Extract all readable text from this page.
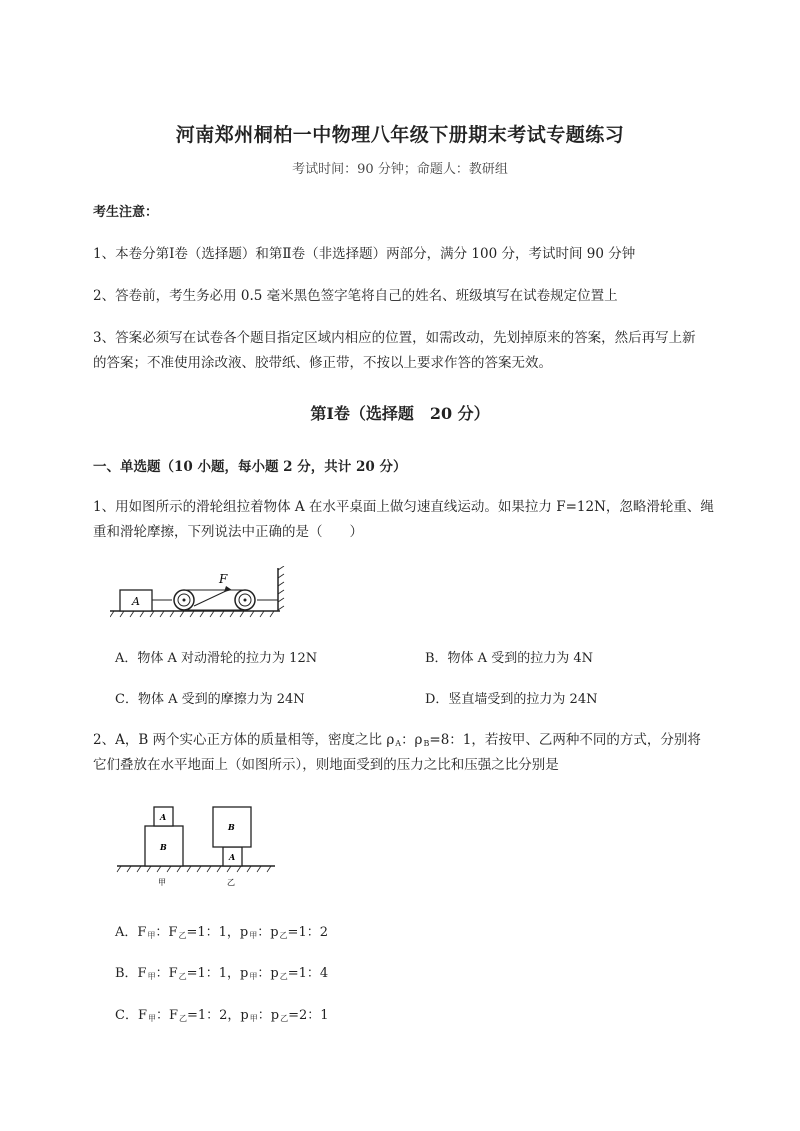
河南郑州桐柏一中物理八年级下册期末考试专题练习
考试时间：90 分钟；命题人：教研组
考生注意：
1、本卷分第Ⅰ卷（选择题）和第Ⅱ卷（非选择题）两部分，满分 100 分，考试时间 90 分钟
2、答卷前，考生务必用 0.5 毫米黑色签字笔将自己的姓名、班级填写在试卷规定位置上
3、答案必须写在试卷各个题目指定区域内相应的位置，如需改动，先划掉原来的答案，然后再写上新
的答案；不准使用涂改液、胶带纸、修正带，不按以上要求作答的答案无效。
第Ⅰ卷（选择题　20 分）
一、单选题（10 小题，每小题 2 分，共计 20 分）
1、用如图所示的滑轮组拉着物体 A 在水平桌面上做匀速直线运动。如果拉力 F=12N，忽略滑轮重、绳
重和滑轮摩擦，下列说法中正确的是（　　）
A
F
A．物体 A 对动滑轮的拉力为 12N	B．物体 A 受到的拉力为 4N
C．物体 A 受到的摩擦力为 24N	D．竖直墙受到的拉力为 24N
2、A，B 两个实心正方体的质量相等，密度之比 $\rho_A$：$\rho_B=8$：1，若按甲、乙两种不同的方式，分别将
它们叠放在水平地面上（如图所示），则地面受到的压力之比和压强之比分别是
B
A
A
B
甲	乙
A．$F_甲$：$F_乙=1$：1，$p_甲$：$p_乙=1$：2
B．$F_甲$：$F_乙=1$：1，$p_甲$：$p_乙=1$：4
C．$F_甲$：$F_乙=1$：2，$p_甲$：$p_乙=2$：1
